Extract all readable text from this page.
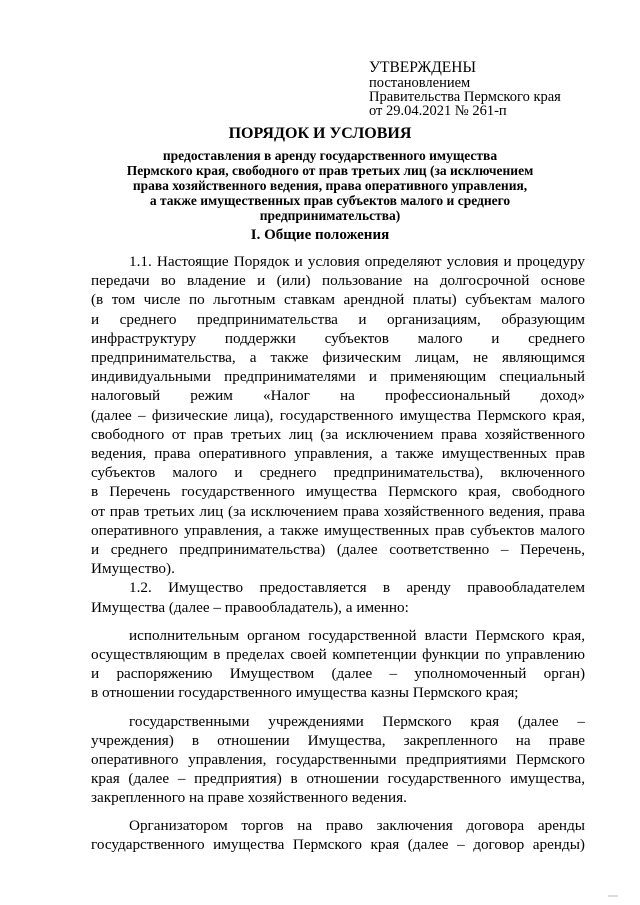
УТВЕРЖДЕНЫ
постановлением
Правительства Пермского края
от 29.04.2021 № 261-п
ПОРЯДОК И УСЛОВИЯ
предоставления в аренду государственного имущества
Пермского края, свободного от прав третьих лиц (за исключением
права хозяйственного ведения, права оперативного управления,
а также имущественных прав субъектов малого и среднего
предпринимательства)
I. Общие положения

1.1. Настоящие Порядок и условия определяют условия и процедуру

передачи во владение и (или) пользование на долгосрочной основе

(в том числе по льготным ставкам арендной платы) субъектам малого

и среднего предпринимательства и организациям, образующим

инфраструктуру поддержки субъектов малого и среднего

предпринимательства, а также физическим лицам, не являющимся

индивидуальными предпринимателями и применяющим специальный

налоговый режим «Налог на профессиональный доход»

(далее – физические лица), государственного имущества Пермского края,

свободного от прав третьих лиц (за исключением права хозяйственного

ведения, права оперативного управления, а также имущественных прав

субъектов малого и среднего предпринимательства), включенного

в Перечень государственного имущества Пермского края, свободного

от прав третьих лиц (за исключением права хозяйственного ведения, права

оперативного управления, а также имущественных прав субъектов малого

и среднего предпринимательства) (далее соответственно – Перечень,

Имущество).

1.2. Имущество предоставляется в аренду правообладателем

Имущества (далее – правообладатель), а именно:

исполнительным органом государственной власти Пермского края,

осуществляющим в пределах своей компетенции функции по управлению

и распоряжению Имуществом (далее – уполномоченный орган)

в отношении государственного имущества казны Пермского края;

государственными учреждениями Пермского края (далее –

учреждения) в отношении Имущества, закрепленного на праве

оперативного управления, государственными предприятиями Пермского

края (далее – предприятия) в отношении государственного имущества,

закрепленного на праве хозяйственного ведения.

Организатором торгов на право заключения договора аренды

государственного имущества Пермского края (далее – договор аренды)
